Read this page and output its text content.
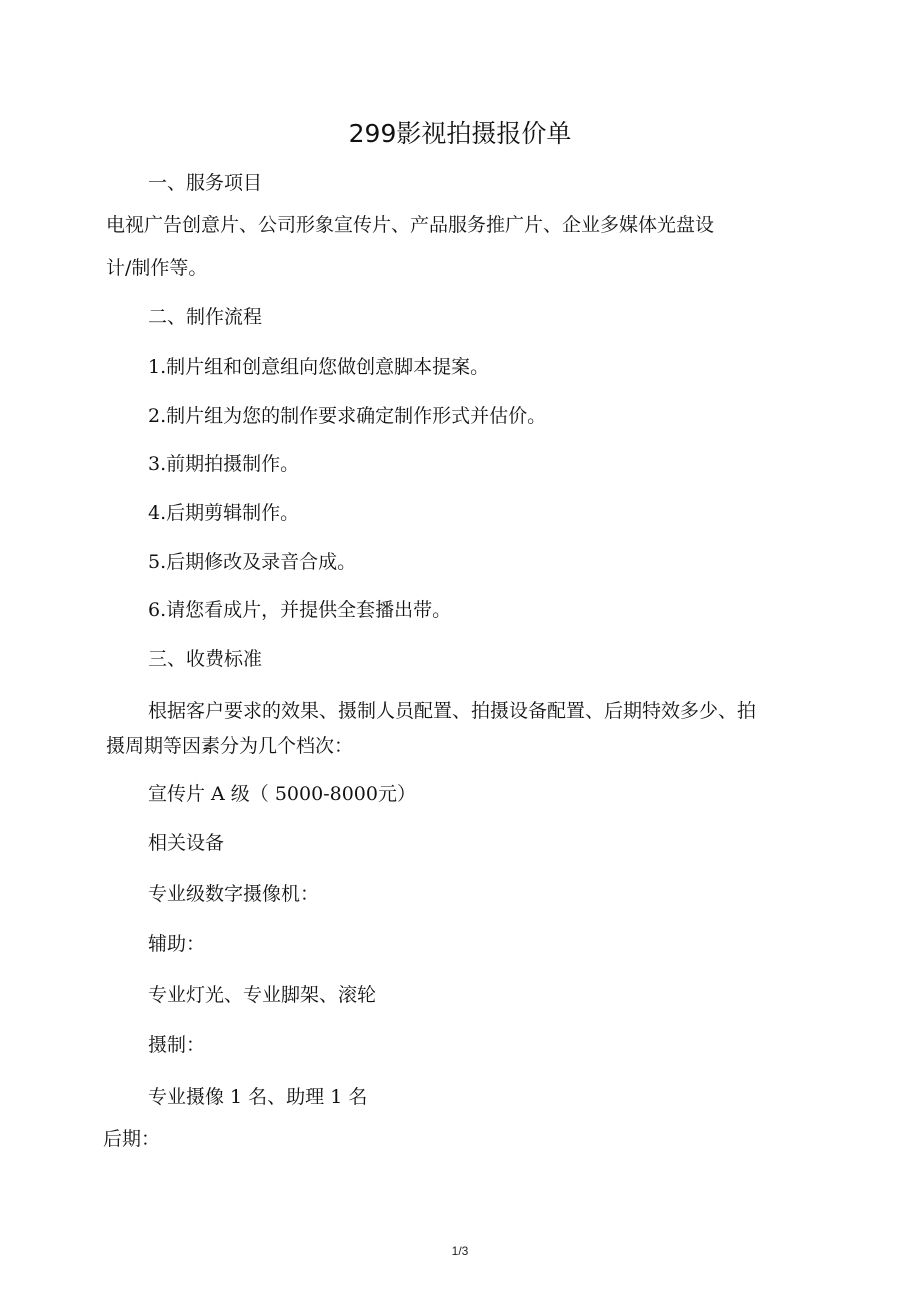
299影视拍摄报价单

一、服务项目

电视广告创意片、公司形象宣传片、产品服务推广片、企业多媒体光盘设

计/制作等。

二、制作流程

1.制片组和创意组向您做创意脚本提案。

2.制片组为您的制作要求确定制作形式并估价。

3.前期拍摄制作。

4.后期剪辑制作。

5.后期修改及录音合成。

6.请您看成片，并提供全套播出带。

三、收费标准

根据客户要求的效果、摄制人员配置、拍摄设备配置、后期特效多少、拍

摄周期等因素分为几个档次：

宣传片 A 级（ 5000-8000元）

相关设备

专业级数字摄像机：

辅助：

专业灯光、专业脚架、滚轮

摄制：

专业摄像 1 名、助理 1 名

后期：

1/3
